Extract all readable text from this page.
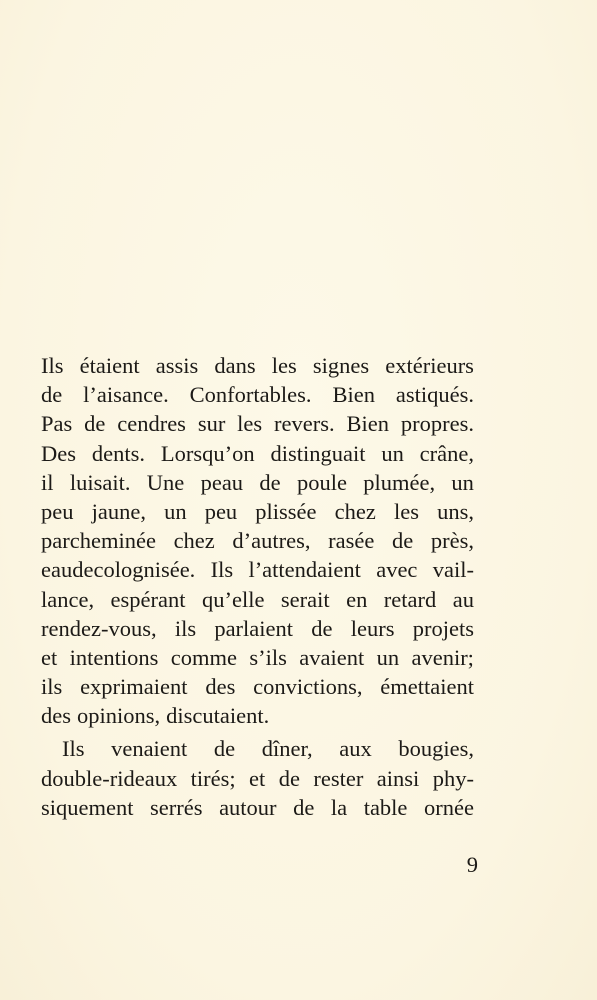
Ils étaient assis dans les signes extérieurs
de l’aisance. Confortables. Bien astiqués.
Pas de cendres sur les revers. Bien propres.
Des dents. Lorsqu’on distinguait un crâne,
il luisait. Une peau de poule plumée, un
peu jaune, un peu plissée chez les uns,
parcheminée chez d’autres, rasée de près,
eaudecolognisée. Ils l’attendaient avec vail-
lance, espérant qu’elle serait en retard au
rendez-vous, ils parlaient de leurs projets
et intentions comme s’ils avaient un avenir;
ils exprimaient des convictions, émettaient
des opinions, discutaient.
Ils venaient de dîner, aux bougies,
double-rideaux tirés; et de rester ainsi phy-
siquement serrés autour de la table ornée
9
